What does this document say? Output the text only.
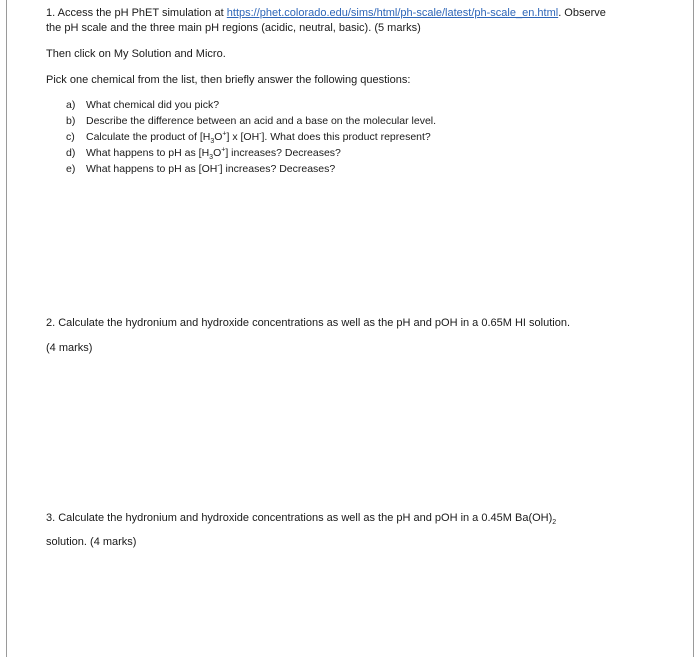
1. Access the pH PhET simulation at https://phet.colorado.edu/sims/html/ph-scale/latest/ph-scale_en.html. Observe
the pH scale and the three main pH regions (acidic, neutral, basic). (5 marks)
Then click on My Solution and Micro.
Pick one chemical from the list, then briefly answer the following questions:
a) What chemical did you pick?
b) Describe the difference between an acid and a base on the molecular level.
c) Calculate the product of $[H_3O^+]$ x [OH-]. What does this product represent?
d) What happens to pH as $[H_3O^+]$ increases? Decreases?
e) What happens to pH as [OH-] increases? Decreases?
2. Calculate the hydronium and hydroxide concentrations as well as the pH and pOH in a 0.65M HI solution.
(4 marks)
3. Calculate the hydronium and hydroxide concentrations as well as the pH and pOH in a 0.45M $Ba(OH)_2$
solution. (4 marks)
